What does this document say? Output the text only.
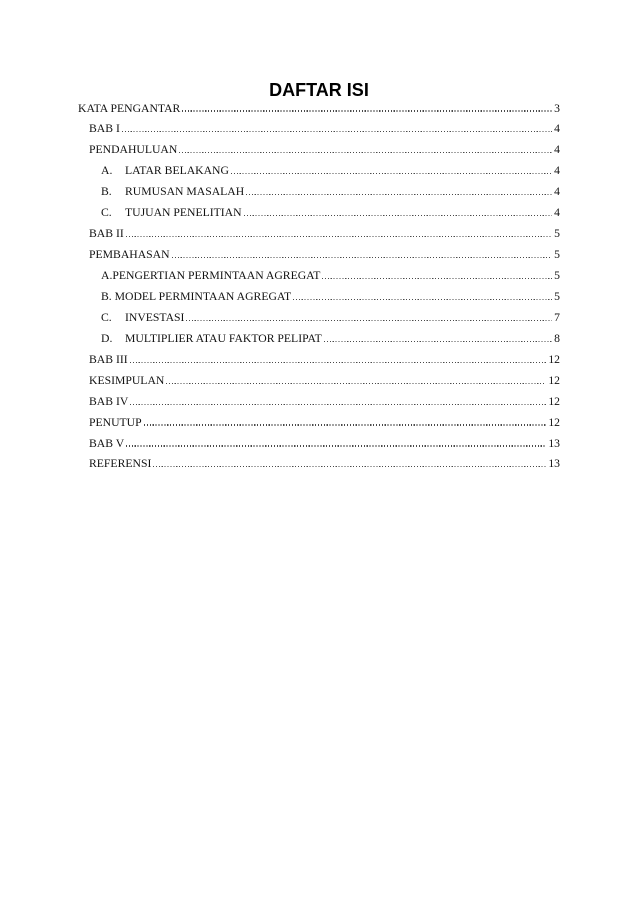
DAFTAR ISI
KATA PENGANTAR	3
BAB I	4
PENDAHULUAN	4
A.	LATAR BELAKANG	4
B.	RUMUSAN MASALAH	4
C.	TUJUAN PENELITIAN	4
BAB II	5
PEMBAHASAN	5
A.PENGERTIAN PERMINTAAN AGREGAT	5
B. MODEL PERMINTAAN AGREGAT	5
C.	INVESTASI	7
D.	MULTIPLIER ATAU FAKTOR PELIPAT	8
BAB III	12
KESIMPULAN	12
BAB IV	12
PENUTUP	12
BAB V	13
REFERENSI	13
